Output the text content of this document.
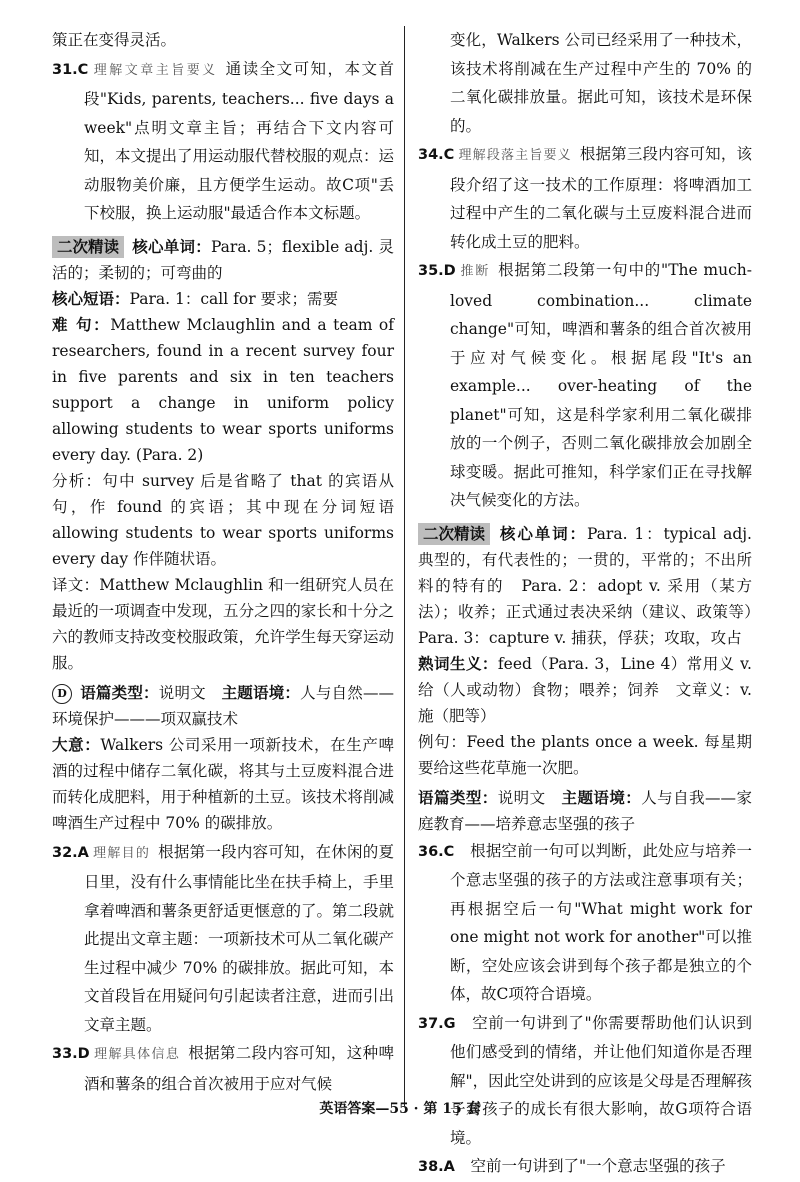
策正在变得灵活。

31.C 理解文章主旨要义 通读全文可知，本文首段"Kids, parents, teachers... five days a week"点明文章主旨；再结合下文内容可知，本文提出了用运动服代替校服的观点：运动服物美价廉，且方便学生运动。故C项"丢下校服，换上运动服"最适合作本文标题。

二次精读 核心单词：Para. 5；flexible adj. 灵活的；柔韧的；可弯曲的

核心短语：Para. 1：call for 要求；需要

难 句：Matthew Mclaughlin and a team of researchers, found in a recent survey four in five parents and six in ten teachers support a change in uniform policy allowing students to wear sports uniforms every day. (Para. 2)

分析：句中 survey 后是省略了 that 的宾语从句，作 found 的宾语；其中现在分词短语 allowing students to wear sports uniforms every day 作伴随状语。

译文：Matthew Mclaughlin 和一组研究人员在最近的一项调查中发现，五分之四的家长和十分之六的教师支持改变校服政策，允许学生每天穿运动服。

D 语篇类型：说明文　 主题语境：人与自然——环境保护———项双赢技术

大意：Walkers 公司采用一项新技术，在生产啤酒的过程中储存二氧化碳，将其与土豆废料混合进而转化成肥料，用于种植新的土豆。该技术将削减啤酒生产过程中 70% 的碳排放。

32.A 理解目的 根据第一段内容可知，在休闲的夏日里，没有什么事情能比坐在扶手椅上，手里拿着啤酒和薯条更舒适更惬意的了。第二段就此提出文章主题：一项新技术可从二氧化碳产生过程中减少 70% 的碳排放。据此可知，本文首段旨在用疑问句引起读者注意，进而引出文章主题。

33.D 理解具体信息 根据第二段内容可知，这种啤酒和薯条的组合首次被用于应对气候

变化，Walkers 公司已经采用了一种技术，该技术将削减在生产过程中产生的 70% 的二氧化碳排放量。据此可知，该技术是环保的。

34.C 理解段落主旨要义 根据第三段内容可知，该段介绍了这一技术的工作原理：将啤酒加工过程中产生的二氧化碳与土豆废料混合进而转化成土豆的肥料。

35.D 推断 根据第二段第一句中的"The much-loved combination... climate change"可知，啤酒和薯条的组合首次被用于应对气候变化。根据尾段"It's an example... over-heating of the planet"可知，这是科学家利用二氧化碳排放的一个例子，否则二氧化碳排放会加剧全球变暖。据此可推知，科学家们正在寻找解决气候变化的方法。

二次精读 核心单词：Para. 1：typical adj. 典型的，有代表性的；一贯的，平常的；不出所料的特有的　Para. 2：adopt v. 采用（某方法）；收养；正式通过表决采纳（建议、政策等）　Para. 3：capture v. 捕获，俘获；攻取，攻占

熟词生义：feed（Para. 3，Line 4）常用义 v. 给（人或动物）食物；喂养；饲养　文章义：v. 施（肥等）

例句：Feed the plants once a week. 每星期要给这些花草施一次肥。

语篇类型：说明文　 主题语境：人与自我——家庭教育——培养意志坚强的孩子

36.C　 根据空前一句可以判断，此处应与培养一个意志坚强的孩子的方法或注意事项有关；再根据空后一句"What might work for one might not work for another"可以推断，空处应该会讲到每个孩子都是独立的个体，故C项符合语境。

37.G　 空前一句讲到了"你需要帮助他们认识到他们感受到的情绪，并让他们知道你是否理解"，因此空处讲到的应该是父母是否理解孩子对孩子的成长有很大影响，故G项符合语境。

38.A　 空前一句讲到了"一个意志坚强的孩子

英语答案—55 · 第 15 套
